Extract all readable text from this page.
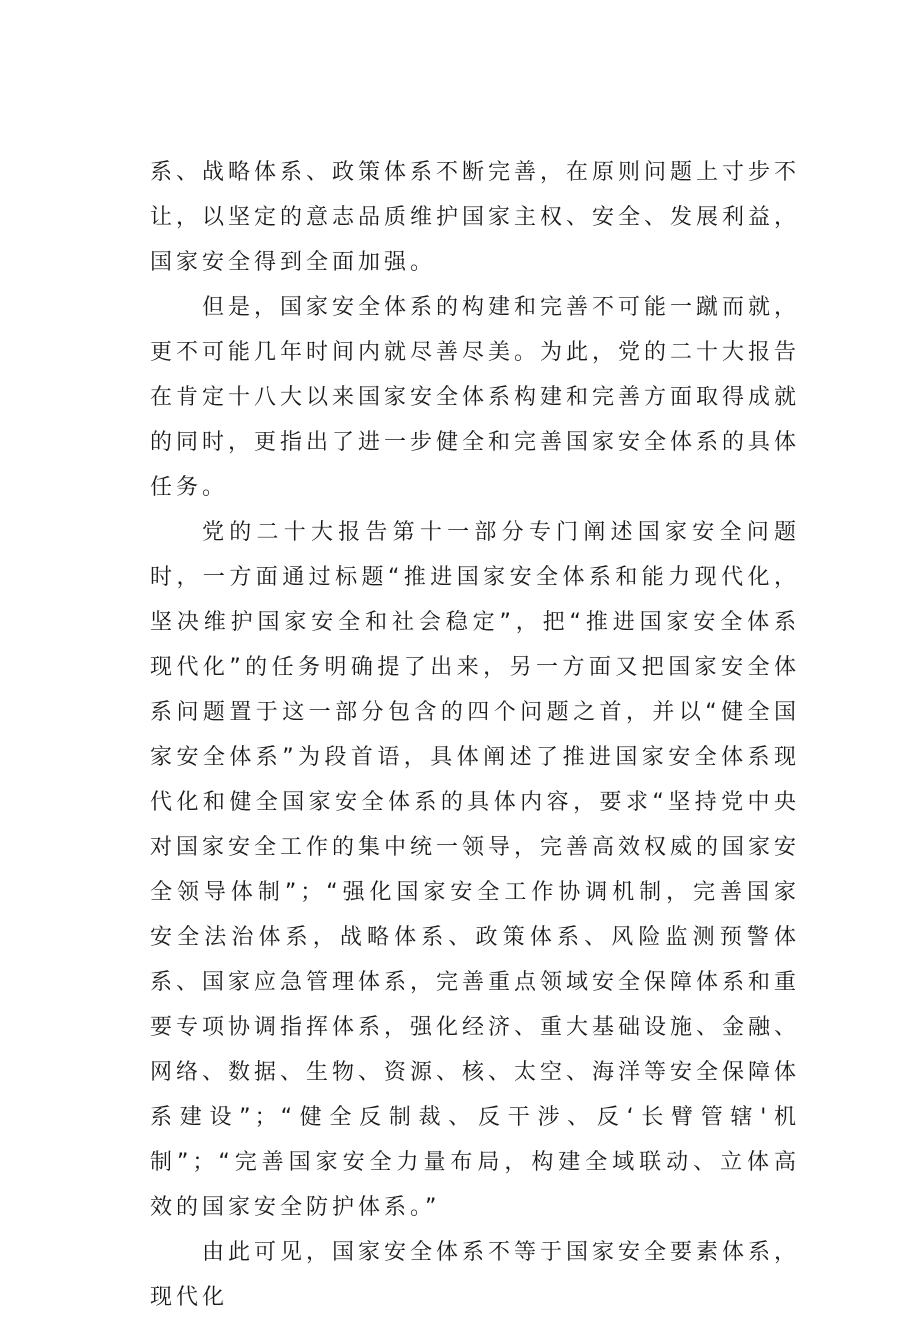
系、战略体系、政策体系不断完善，在原则问题上寸步不让，以坚定的意志品质维护国家主权、安全、发展利益，国家安全得到全面加强。

但是，国家安全体系的构建和完善不可能一蹴而就，更不可能几年时间内就尽善尽美。为此，党的二十大报告在肯定十八大以来国家安全体系构建和完善方面取得成就的同时，更指出了进一步健全和完善国家安全体系的具体任务。

党的二十大报告第十一部分专门阐述国家安全问题时，一方面通过标题“推进国家安全体系和能力现代化，坚决维护国家安全和社会稳定”，把“推进国家安全体系现代化”的任务明确提了出来，另一方面又把国家安全体系问题置于这一部分包含的四个问题之首，并以“健全国家安全体系”为段首语，具体阐述了推进国家安全体系现代化和健全国家安全体系的具体内容，要求“坚持党中央对国家安全工作的集中统一领导，完善高效权威的国家安全领导体制”；“强化国家安全工作协调机制，完善国家安全法治体系，战略体系、政策体系、风险监测预警体系、国家应急管理体系，完善重点领域安全保障体系和重要专项协调指挥体系，强化经济、重大基础设施、金融、网络、数据、生物、资源、核、太空、海洋等安全保障体系建设”；“健全反制裁、反干涉、反‘长臂管辖'机制”；“完善国家安全力量布局，构建全域联动、立体高效的国家安全防护体系。”

由此可见，国家安全体系不等于国家安全要素体系，现代化
